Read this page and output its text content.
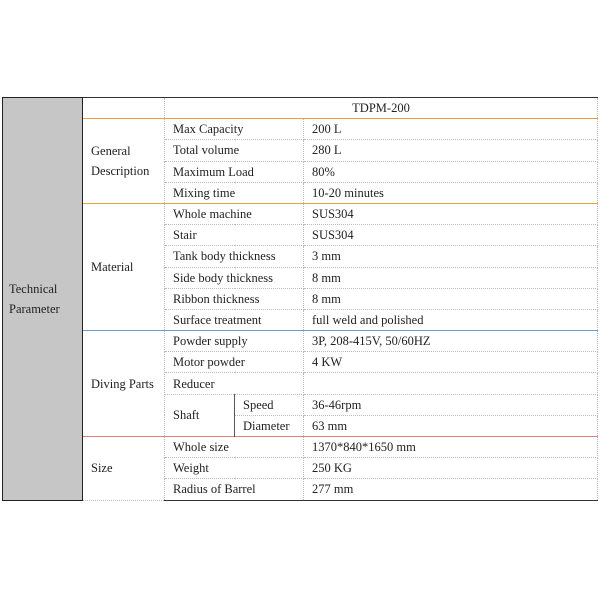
Technical Parameter		TDPM-200		
	General Description	Max Capacity		200 L
		Total volume		280 L
		Maximum Load		80%
		Mixing time		10-20 minutes
	Material	Whole machine		SUS304
		Stair		SUS304
		Tank body thickness		3 mm
		Side body thickness		8 mm
		Ribbon thickness		8 mm
		Surface treatment		full weld and polished
	Diving Parts	Powder supply		3P, 208-415V, 50/60HZ
		Motor powder		4 KW
		Reducer		
		Shaft	Speed	36-46rpm
			Diameter	63 mm
	Size	Whole size		1370*840*1650 mm
		Weight		250 KG
		Radius of Barrel		277 mm
